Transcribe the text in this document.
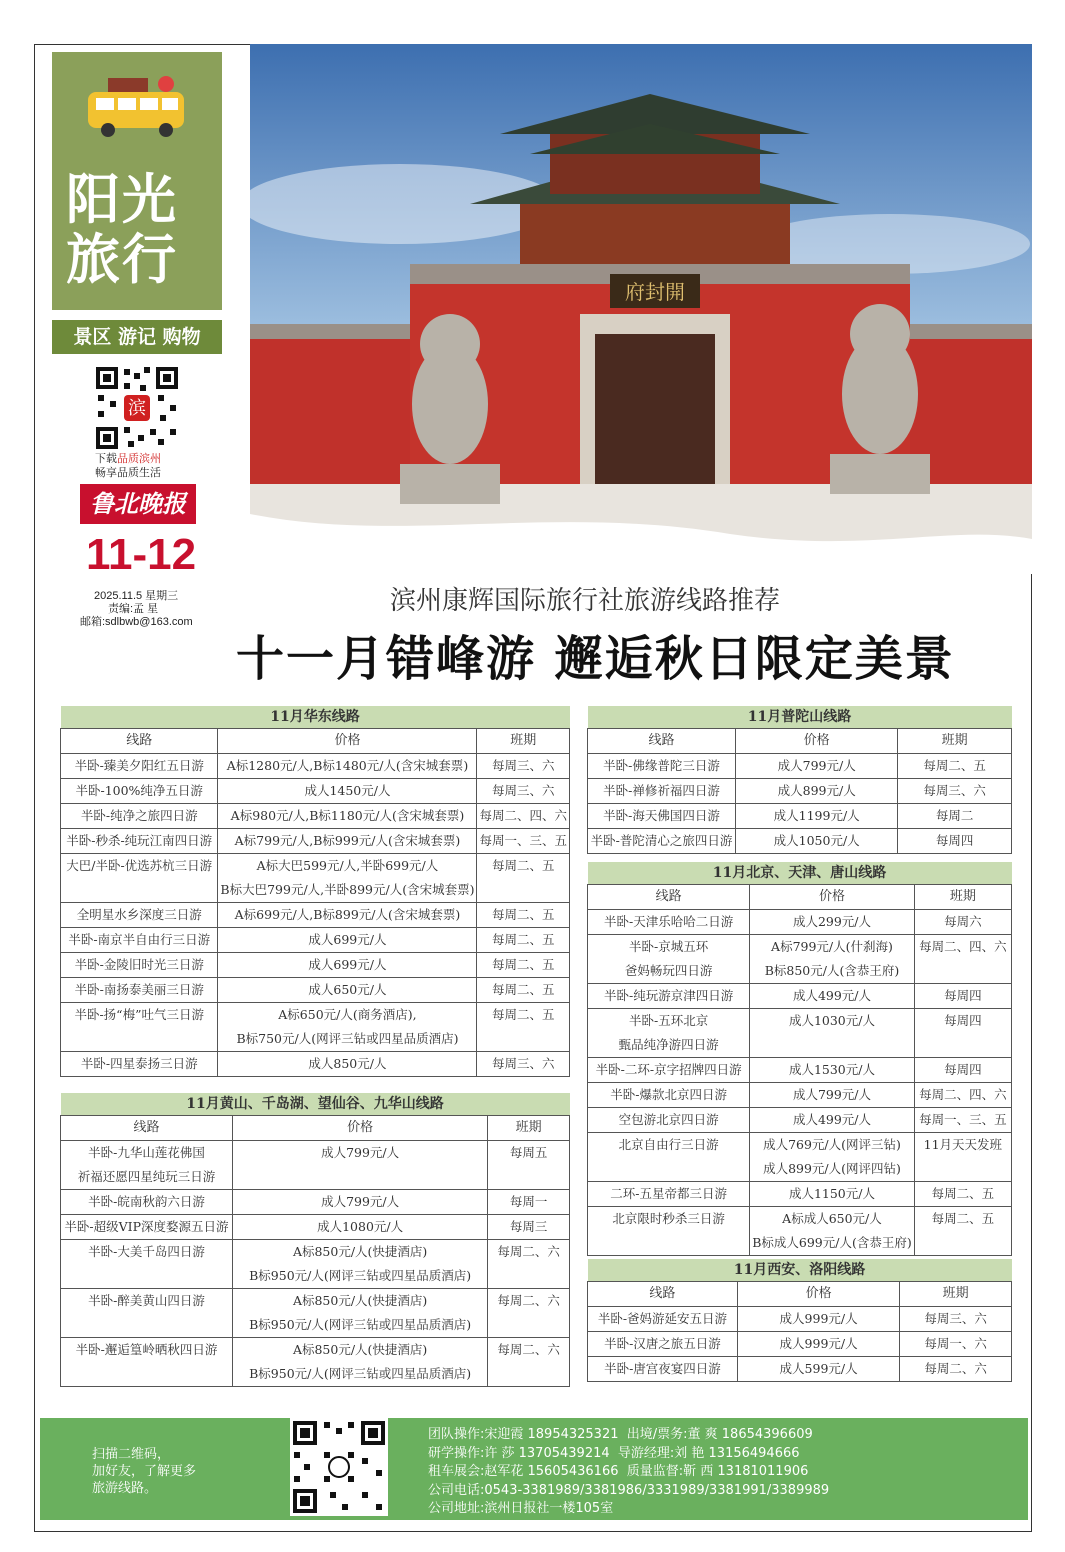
阳光
旅行
景区 游记 购物
滨
下载品质滨州
畅享品质生活
鲁北晚报
11-12
2025.11.5 星期三
责编:孟 星
邮箱:sdlbwb@163.com
府封開
滨州康辉国际旅行社旅游线路推荐
十一月错峰游 邂逅秋日限定美景
11月华东线路		
线路	价格	班期
半卧-臻美夕阳红五日游	A标1280元/人,B标1480元/人(含宋城套票)	每周三、六
半卧-100%纯净五日游	成人1450元/人	每周三、六
半卧-纯净之旅四日游	A标980元/人,B标1180元/人(含宋城套票)	每周二、四、六
半卧-秒杀-纯玩江南四日游	A标799元/人,B标999元/人(含宋城套票)	每周一、三、五
大巴/半卧-优选苏杭三日游	A标大巴599元/人,半卧699元/人
B标大巴799元/人,半卧899元/人(含宋城套票)	每周二、五
全明星水乡深度三日游	A标699元/人,B标899元/人(含宋城套票)	每周二、五
半卧-南京半自由行三日游	成人699元/人	每周二、五
半卧-金陵旧时光三日游	成人699元/人	每周二、五
半卧-南扬泰美丽三日游	成人650元/人	每周二、五
半卧-扬“梅”吐气三日游	A标650元/人(商务酒店),
B标750元/人(网评三钻或四星品质酒店)	每周二、五
半卧-四星泰扬三日游	成人850元/人	每周三、六
11月黄山、千岛湖、望仙谷、九华山线路		
线路	价格	班期
半卧-九华山莲花佛国
祈福还愿四星纯玩三日游	成人799元/人	每周五
半卧-皖南秋韵六日游	成人799元/人	每周一
半卧-超级VIP深度婺源五日游	成人1080元/人	每周三
半卧-大美千岛四日游	A标850元/人(快捷酒店)
B标950元/人(网评三钻或四星品质酒店)	每周二、六
半卧-醉美黄山四日游	A标850元/人(快捷酒店)
B标950元/人(网评三钻或四星品质酒店)	每周二、六
半卧-邂逅篁岭晒秋四日游	A标850元/人(快捷酒店)
B标950元/人(网评三钻或四星品质酒店)	每周二、六
11月普陀山线路		
线路	价格	班期
半卧-佛缘普陀三日游	成人799元/人	每周二、五
半卧-禅修祈福四日游	成人899元/人	每周三、六
半卧-海天佛国四日游	成人1199元/人	每周二
半卧-普陀清心之旅四日游	成人1050元/人	每周四
11月北京、天津、唐山线路		
线路	价格	班期
半卧-天津乐哈哈二日游	成人299元/人	每周六
半卧-京城五环
爸妈畅玩四日游	A标799元/人(什刹海)
B标850元/人(含恭王府)	每周二、四、六
半卧-纯玩游京津四日游	成人499元/人	每周四
半卧-五环北京
甄品纯净游四日游	成人1030元/人	每周四
半卧-二环-京字招牌四日游	成人1530元/人	每周四
半卧-爆款北京四日游	成人799元/人	每周二、四、六
空包游北京四日游	成人499元/人	每周一、三、五
北京自由行三日游	成人769元/人(网评三钻)
成人899元/人(网评四钻)	11月天天发班
二环-五星帝都三日游	成人1150元/人	每周二、五
北京限时秒杀三日游	A标成人650元/人
B标成人699元/人(含恭王府)	每周二、五
11月西安、洛阳线路		
线路	价格	班期
半卧-爸妈游延安五日游	成人999元/人	每周三、六
半卧-汉唐之旅五日游	成人999元/人	每周一、六
半卧-唐宫夜宴四日游	成人599元/人	每周二、六
扫描二维码，
加好友，了解更多
旅游线路。
团队操作:宋迎霞 18954325321  出境/票务:董 爽 18654396609
研学操作:许 莎 13705439214  导游经理:刘 艳 13156494666
租车展会:赵军花 15605436166  质量监督:靳 西 13181011906
公司电话:0543-3381989/3381986/3331989/3381991/3389989
公司地址:滨州日报社一楼105室
